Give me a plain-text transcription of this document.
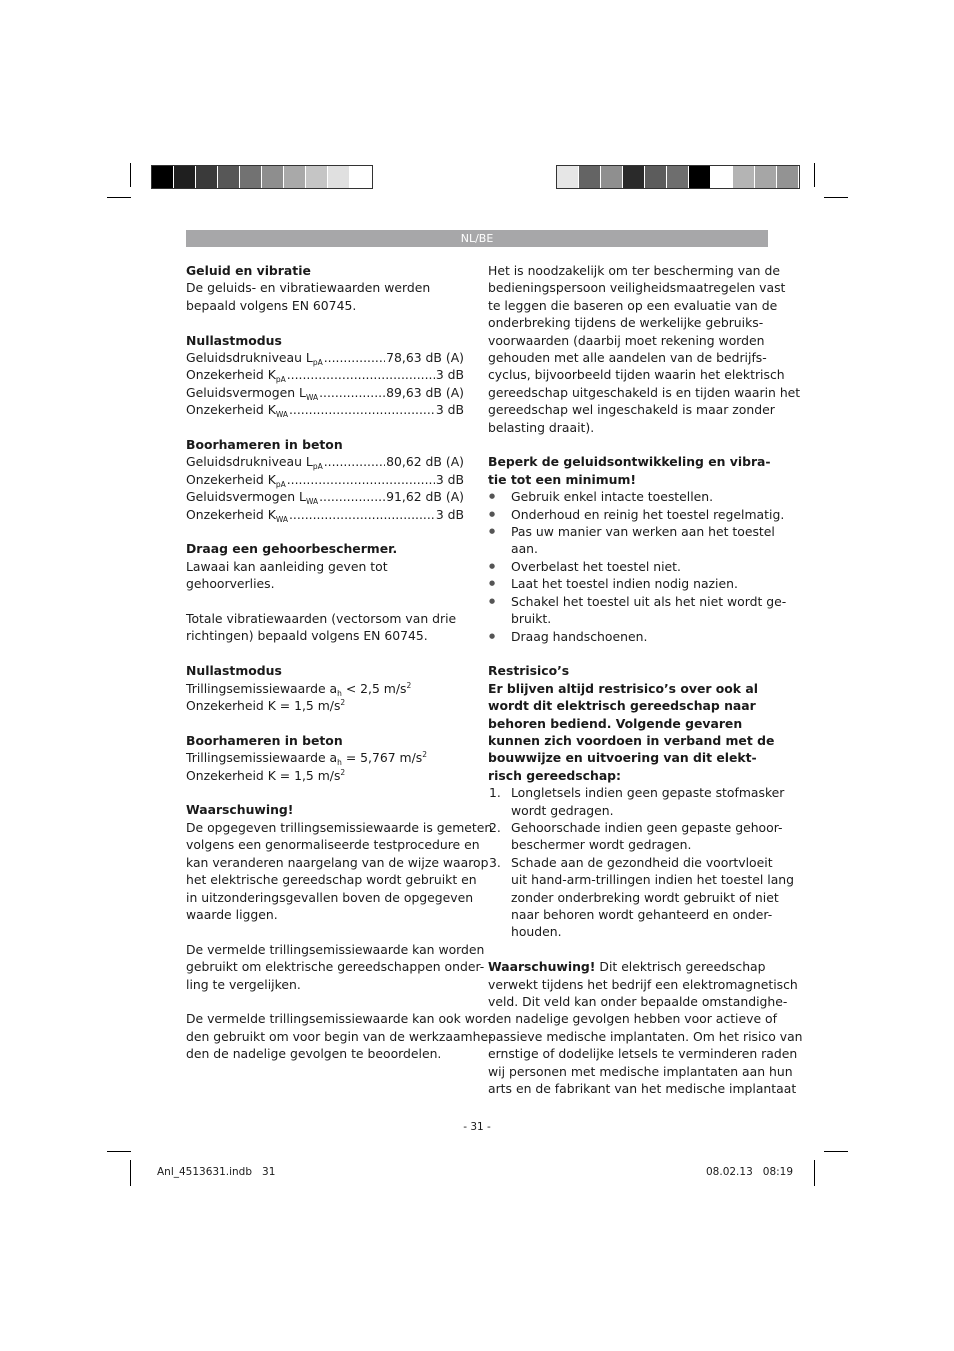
NL/BE

Geluid en vibratie

De geluids- en vibratiewaarden werden bepaald volgens EN 60745.

Nullastmodus

Geluidsdrukniveau $L_{pA}$ .....	78,63 dB (A)
Onzekerheid $K_{pA}$ .....	3 dB
Geluidsvermogen $L_{WA}$ .....	89,63 dB (A)
Onzekerheid $K_{WA}$ .....	3 dB

Boorhameren in beton

Geluidsdrukniveau $L_{pA}$ .....	80,62 dB (A)
Onzekerheid $K_{pA}$ .....	3 dB
Geluidsvermogen $L_{WA}$ .....	91,62 dB (A)
Onzekerheid $K_{WA}$ .....	3 dB

Draag een gehoorbeschermer.

Lawaai kan aanleiding geven tot gehoorverlies.

Totale vibratiewaarden (vectorsom van drie richtingen) bepaald volgens EN 60745.

Nullastmodus

Trillingsemissiewaarde $a_h < 2,5$ $m/s^2$

Onzekerheid K = 1,5 $m/s^2$

Boorhameren in beton

Trillingsemissiewaarde $a_h = 5,767$ $m/s^2$

Onzekerheid K = 1,5 $m/s^2$

Waarschuwing!

De opgegeven trillingsemissiewaarde is gemeten
volgens een genormaliseerde testprocedure en
kan veranderen naargelang van de wijze waarop
het elektrische gereedschap wordt gebruikt en
in uitzonderingsgevallen boven de opgegeven
waarde liggen.
De vermelde trillingsemissiewaarde kan worden
gebruikt om elektrische gereedschappen onder-
ling te vergelijken.
De vermelde trillingsemissiewaarde kan ook wor-
den gebruikt om voor begin van de werkzaamhe-
den de nadelige gevolgen te beoordelen.
Het is noodzakelijk om ter bescherming van de
bedieningspersoon veiligheidsmaatregelen vast
te leggen die baseren op een evaluatie van de
onderbreking tijdens de werkelijke gebruiks-
voorwaarden (daarbij moet rekening worden
gehouden met alle aandelen van de bedrijfs-
cyclus, bijvoorbeeld tijden waarin het elektrisch
gereedschap uitgeschakeld is en tijden waarin het
gereedschap wel ingeschakeld is maar zonder
belasting draait).
Beperk de geluidsontwikkeling en vibra-
tie tot een minimum!
● Gebruik enkel intacte toestellen.
● Onderhoud en reinig het toestel regelmatig.
● Pas uw manier van werken aan het toestel
aan.
● Overbelast het toestel niet.
● Laat het toestel indien nodig nazien.
● Schakel het toestel uit als het niet wordt ge-
bruikt.
● Draag handschoenen.

Restrisico’s

Er blijven altijd restrisico’s over ook al
wordt dit elektrisch gereedschap naar
behoren bediend. Volgende gevaren
kunnen zich voordoen in verband met de
bouwwijze en uitvoering van dit elekt-
risch gereedschap:
1. Longletsels indien geen gepaste stofmasker
wordt gedragen.
2. Gehoorschade indien geen gepaste gehoor-
beschermer wordt gedragen.
3. Schade aan de gezondheid die voortvloeit
uit hand-arm-trillingen indien het toestel lang
zonder onderbreking wordt gebruikt of niet
naar behoren wordt gehanteerd en onder-
houden.

Waarschuwing! Dit elektrisch gereedschap

verwekt tijdens het bedrijf een elektromagnetisch
veld. Dit veld kan onder bepaalde omstandighe-
den nadelige gevolgen hebben voor actieve of
passieve medische implantaten. Om het risico van
ernstige of dodelijke letsels te verminderen raden
wij personen met medische implantaten aan hun
arts en de fabrikant van het medische implantaat
- 31 -
Anl_4513631.indb   31	08.02.13   08:19
